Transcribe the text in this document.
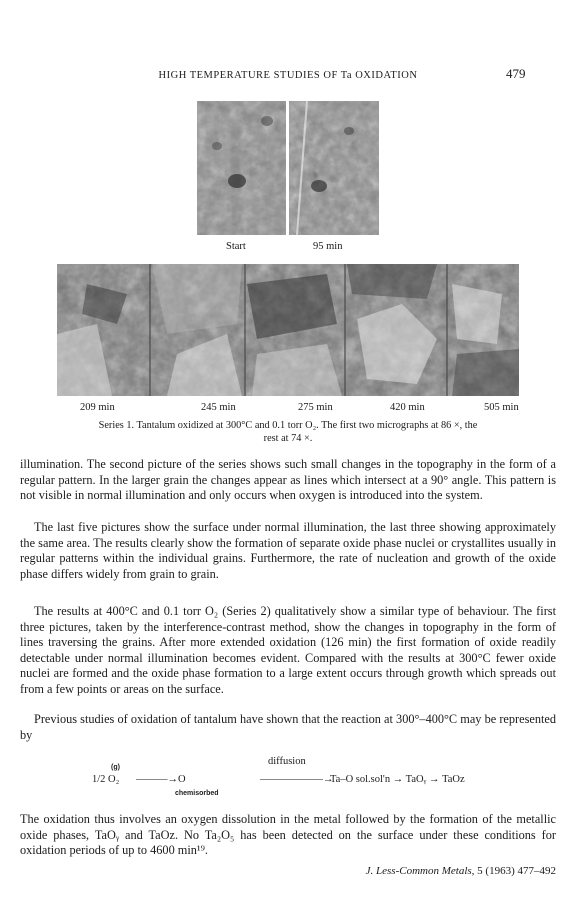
HIGH TEMPERATURE STUDIES OF Ta OXIDATION	479
Start	95 min
209 min	245 min	275 min	420 min	505 min
Series 1. Tantalum oxidized at 300°C and 0.1 torr O₂. The first two micrographs at 86 ×, the
rest at 74 ×.
illumination. The second picture of the series shows such small changes in the topography in the form of a regular pattern. In the larger grain the changes appear as lines which intersect at a 90° angle. This pattern is not visible in normal illumination and only occurs when oxygen is introduced into the system.
The last five pictures show the surface under normal illumination, the last three showing approximately the same area. The results clearly show the formation of separate oxide phase nuclei or crystallites usually in regular patterns within the individual grains. Furthermore, the rate of nucleation and growth of the oxide phase differs widely from grain to grain.
The results at 400°C and 0.1 torr O₂ (Series 2) qualitatively show a similar type of behaviour. The first three pictures, taken by the interference-contrast method, show the changes in topography in the form of lines traversing the grains. After more extended oxidation (126 min) the first formation of oxide readily detectable under normal illumination becomes evident. Compared with the results at 300°C fewer oxide nuclei are formed and the oxide phase formation to a large extent occurs through growth which spreads out from a few points or areas on the surface.
Previous studies of oxidation of tantalum have shown that the reaction at 300°–400°C may be represented by
(g)
1/2 O₂ ———→ O
chemisorbed
diffusion
——————→
Ta–O sol.sol'n → TaOᵧ → TaOz
The oxidation thus involves an oxygen dissolution in the metal followed by the formation of the metallic oxide phases, TaOᵧ and TaOz. No Ta₂O₅ has been detected on the surface under these conditions for oxidation periods of up to 4600 min¹⁹.
J. Less-Common Metals, 5 (1963) 477–492
